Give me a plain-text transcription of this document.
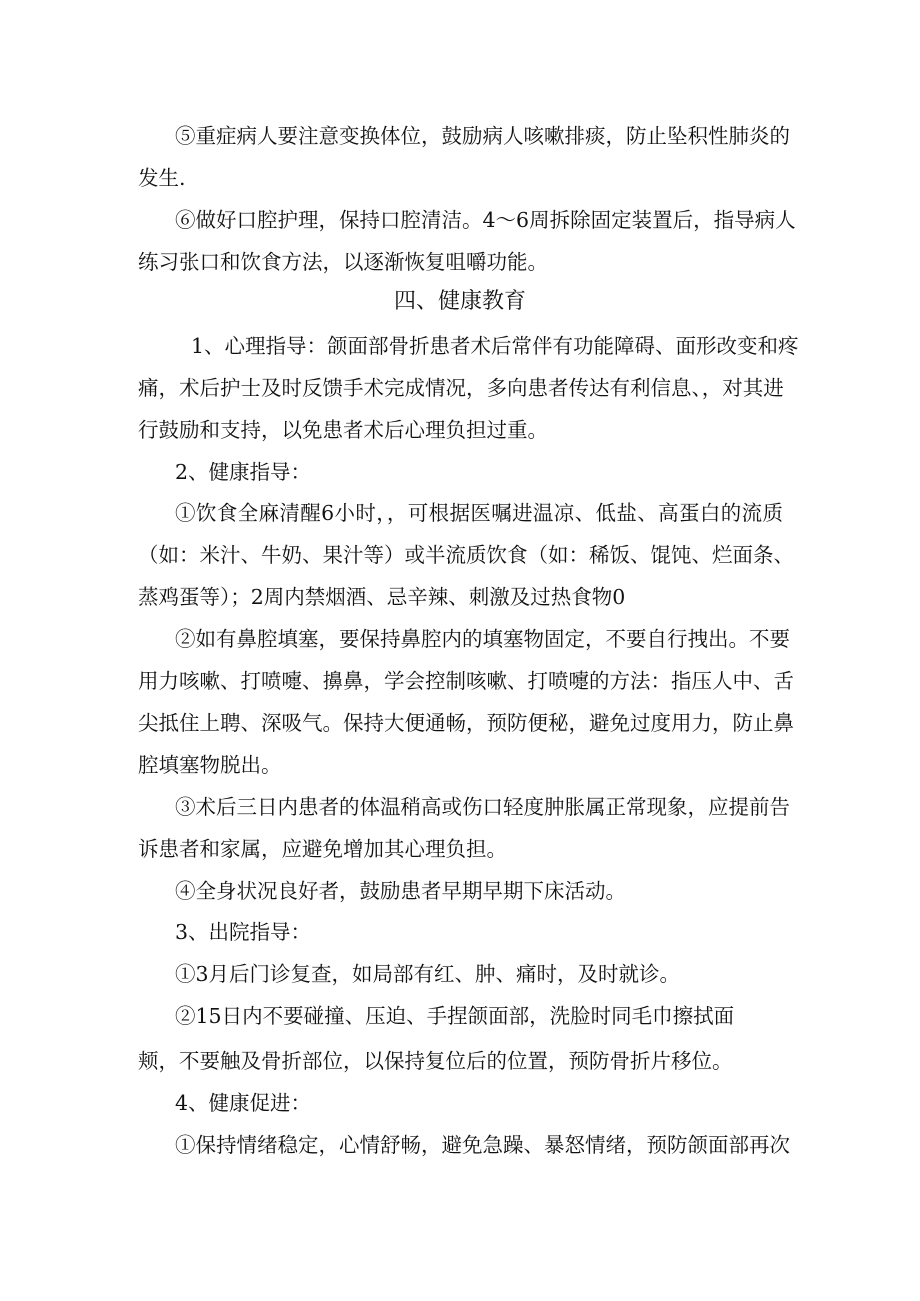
⑤重症病人要注意变换体位，鼓励病人咳嗽排痰，防止坠积性肺炎的
发生.
⑥做好口腔护理，保持口腔清洁。4～6周拆除固定装置后，指导病人
练习张口和饮食方法，以逐渐恢复咀嚼功能。
四、健康教育
1、心理指导：颌面部骨折患者术后常伴有功能障碍、面形改变和疼
痛，术后护士及时反馈手术完成情况，多向患者传达有利信息、，对其进
行鼓励和支持，以免患者术后心理负担过重。
2、健康指导：
①饮食全麻清醒6小时，，可根据医嘱进温凉、低盐、高蛋白的流质
（如：米汁、牛奶、果汁等）或半流质饮食（如：稀饭、馄饨、烂面条、
蒸鸡蛋等）；2周内禁烟酒、忌辛辣、刺激及过热食物0
②如有鼻腔填塞，要保持鼻腔内的填塞物固定，不要自行拽出。不要
用力咳嗽、打喷嚏、擤鼻，学会控制咳嗽、打喷嚏的方法：指压人中、舌
尖抵住上聘、深吸气。保持大便通畅，预防便秘，避免过度用力，防止鼻
腔填塞物脱出。
③术后三日内患者的体温稍高或伤口轻度肿胀属正常现象，应提前告
诉患者和家属，应避免增加其心理负担。
④全身状况良好者，鼓励患者早期早期下床活动。
3、出院指导：
①3月后门诊复查，如局部有红、肿、痛时，及时就诊。
②15日内不要碰撞、压迫、手捏颌面部，洗脸时同毛巾擦拭面
颊，不要触及骨折部位，以保持复位后的位置，预防骨折片移位。
4、健康促进：
①保持情绪稳定，心情舒畅，避免急躁、暴怒情绪，预防颌面部再次
